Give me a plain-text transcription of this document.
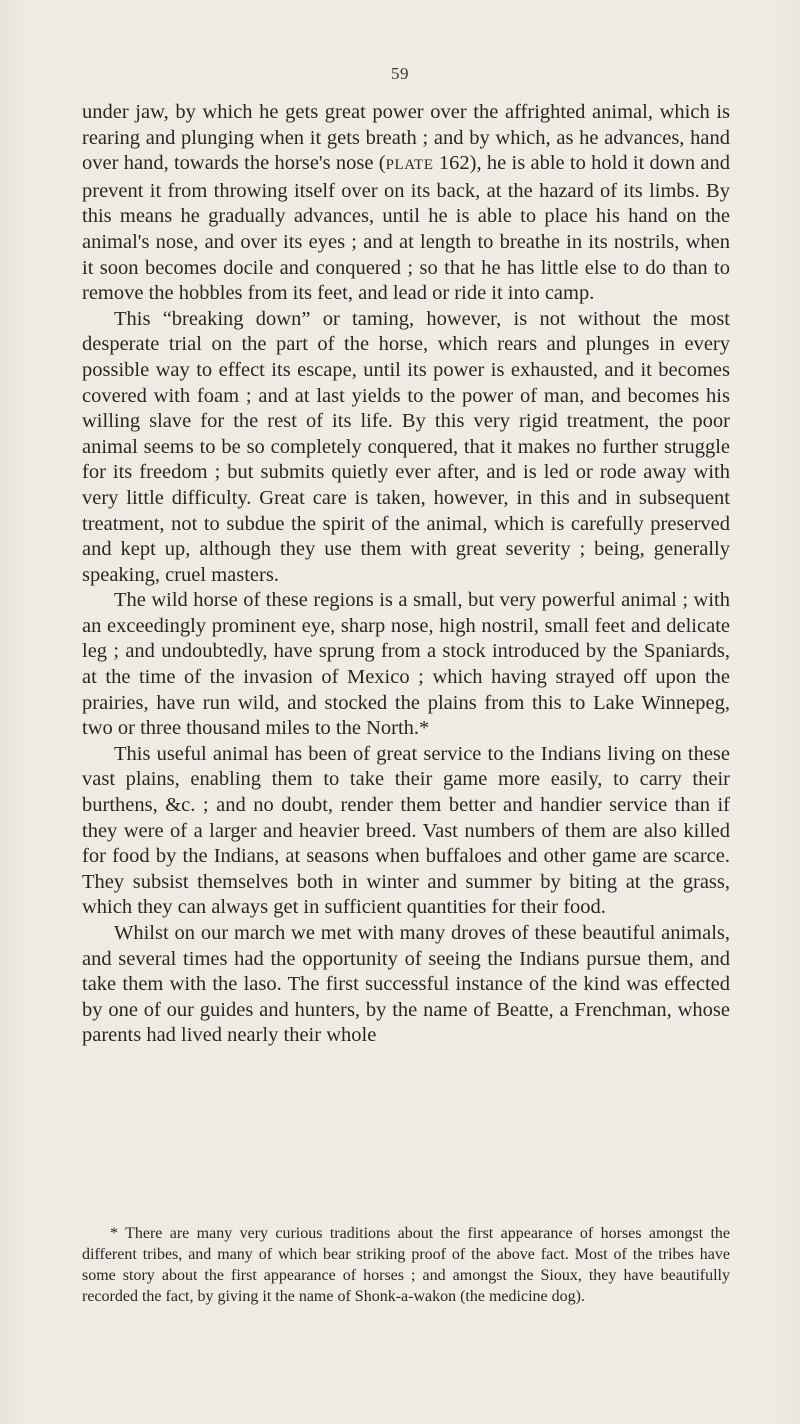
59

under jaw, by which he gets great power over the affrighted animal, which is rearing and plunging when it gets breath ; and by which, as he advances, hand over hand, towards the horse's nose (PLATE 162), he is able to hold it down and prevent it from throwing itself over on its back, at the hazard of its limbs. By this means he gradually advances, until he is able to place his hand on the animal's nose, and over its eyes ; and at length to breathe in its nostrils, when it soon becomes docile and conquered ; so that he has little else to do than to remove the hobbles from its feet, and lead or ride it into camp.

This “breaking down” or taming, however, is not without the most desperate trial on the part of the horse, which rears and plunges in every possible way to effect its escape, until its power is exhausted, and it becomes covered with foam ; and at last yields to the power of man, and becomes his willing slave for the rest of its life. By this very rigid treatment, the poor animal seems to be so completely conquered, that it makes no further struggle for its freedom ; but submits quietly ever after, and is led or rode away with very little difficulty. Great care is taken, however, in this and in subsequent treatment, not to subdue the spirit of the animal, which is carefully preserved and kept up, although they use them with great severity ; being, generally speaking, cruel masters.

The wild horse of these regions is a small, but very powerful animal ; with an exceedingly prominent eye, sharp nose, high nostril, small feet and delicate leg ; and undoubtedly, have sprung from a stock introduced by the Spaniards, at the time of the invasion of Mexico ; which having strayed off upon the prairies, have run wild, and stocked the plains from this to Lake Winnepeg, two or three thousand miles to the North.*

This useful animal has been of great service to the Indians living on these vast plains, enabling them to take their game more easily, to carry their burthens, &c. ; and no doubt, render them better and handier service than if they were of a larger and heavier breed. Vast numbers of them are also killed for food by the Indians, at seasons when buffaloes and other game are scarce. They subsist themselves both in winter and summer by biting at the grass, which they can always get in sufficient quantities for their food.

Whilst on our march we met with many droves of these beautiful animals, and several times had the opportunity of seeing the Indians pursue them, and take them with the laso. The first successful instance of the kind was effected by one of our guides and hunters, by the name of Beatte, a Frenchman, whose parents had lived nearly their whole

* There are many very curious traditions about the first appearance of horses amongst the different tribes, and many of which bear striking proof of the above fact. Most of the tribes have some story about the first appearance of horses ; and amongst the Sioux, they have beautifully recorded the fact, by giving it the name of Shonk-a-wakon (the medicine dog).
